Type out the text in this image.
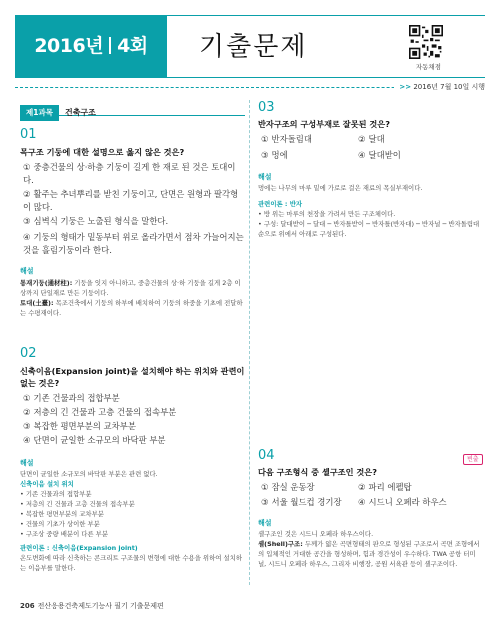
2016년 4회	기출문제
자동채점
>> 2016년 7월 10일 시행
제1과목 건축구조
01
목구조 기둥에 대한 설명으로 옳지 않은 것은?
① 중층건물의 상·하층 기둥이 길게 한 재로 된 것은 토대이다.
② 활주는 추녀뿌리를 받친 기둥이고, 단면은 원형과 팔각형이 많다.
③ 심벽식 기둥은 노출된 형식을 말한다.
④ 기둥의 형태가 밑동부터 위로 올라가면서 점차 가늘어지는 것을 흘림기둥이라 한다.
해설
통재기둥(通材柱): 기둥을 잇지 아니하고, 중층건물의 상·하 기둥을 길게 2층 이상까지 단일재로 만든 기둥이다.
토대(土臺): 목조건축에서 기둥의 하부에 배치하여 기둥의 하중을 기초에 전달하는 수평재이다.
02
신축이음(Expansion joint)을 설치해야 하는 위치와 관련이 없는 것은?
① 기존 건물과의 접합부분
② 저층의 긴 건물과 고층 건물의 접속부분
③ 복잡한 평면부분의 교차부분
④ 단면이 균일한 소규모의 바닥판 부분
해설
단면이 균일한 소규모의 바닥판 부분은 관련 없다.
신축이음 설치 위치
• 기존 건물과의 접합부분
• 저층의 긴 건물과 고층 건물의 접속부분
• 복잡한 평면부분의 교차부분
• 건물의 기초가 상이한 부분
• 구조상 중량 배분이 다른 부분
관련이론 : 신축이음(Expansion joint)
온도변화에 따라 신축하는 콘크리트 구조물의 변형에 대한 수용을 위하여 설치하는 이음부를 말한다.
03
반자구조의 구성부재로 잘못된 것은?
① 반자돌림대	② 달대
③ 멍에	④ 달대받이
해설
멍에는 나무의 마루 밑에 가로로 걸은 재료의 목실부재이다.
관련이론 : 반자
• 방 위는 마루의 천장을 가려서 만든 구조체이다.
• 구성: 달대받이 ─ 달대 ─ 반자틀받이 ─ 반자틀(반자대) ─ 반자널 ─ 반자돌림대 순으로 위에서 아래로 구성된다.
04	빈출
다음 구조형식 중 셸구조인 것은?
① 잠실 운동장	② 파리 에펠탑
③ 서울 월드컵 경기장	④ 시드니 오페라 하우스
해설
셸구조인 것은 시드니 오페라 하우스이다.
셸(Shell)구조: 두께가 얇은 곡면형태의 판으로 형성된 구조로서 곡면 조형에서의 입체적인 거대한 공간을 형성하며, 힘과 경간성이 우수하다. TWA 공항 터미널, 시드니 오페라 하우스, 그리자 비행장, 공원 서육관 등이 셸구조이다.
206 전산응용건축제도기능사 필기 기출문제편
